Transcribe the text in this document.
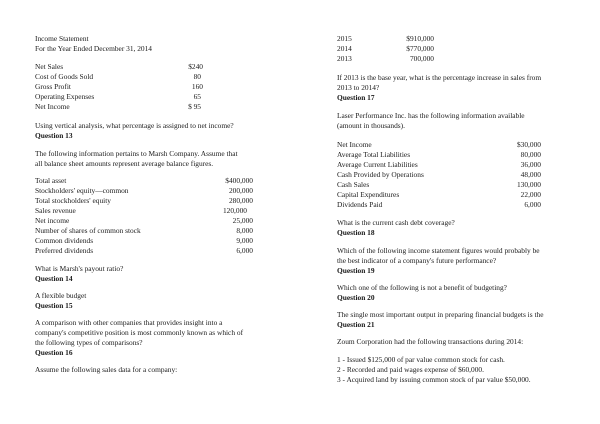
Income Statement
For the Year Ended December 31, 2014
Net Sales	$240
Cost of Goods Sold	80
Gross Profit	160
Operating Expenses	65
Net Income	$ 95
Using vertical analysis, what percentage is assigned to net income?
Question 13
The following information pertains to Marsh Company. Assume that
all balance sheet amounts represent average balance figures.
Total asset	$400,000
Stockholders' equity—common	200,000
Total stockholders' equity	280,000
Sales revenue	120,000
Net income	25,000
Number of shares of common stock	8,000
Common dividends	9,000
Preferred dividends	6,000
What is Marsh's payout ratio?
Question 14
A flexible budget
Question 15
A comparison with other companies that provides insight into a
company's competitive position is most commonly known as which of
the following types of comparisons?
Question 16
Assume the following sales data for a company:
2015	$910,000
2014	$770,000
2013	700,000
If 2013 is the base year, what is the percentage increase in sales from
2013 to 2014?
Question 17
Laser Performance Inc. has the following information available
(amount in thousands).
Net Income	$30,000
Average Total Liabilities	80,000
Average Current Liabilities	36,000
Cash Provided by Operations	48,000
Cash Sales	130,000
Capital Expenditures	22,000
Dividends Paid	6,000
What is the current cash debt coverage?
Question 18
Which of the following income statement figures would probably be
the best indicator of a company's future performance?
Question 19
Which one of the following is not a benefit of budgeting?
Question 20
The single most important output in preparing financial budgets is the
Question 21
Zoum Corporation had the following transactions during 2014:
1 - Issued $125,000 of par value common stock for cash.
2 - Recorded and paid wages expense of $60,000.
3 - Acquired land by issuing common stock of par value $50,000.
